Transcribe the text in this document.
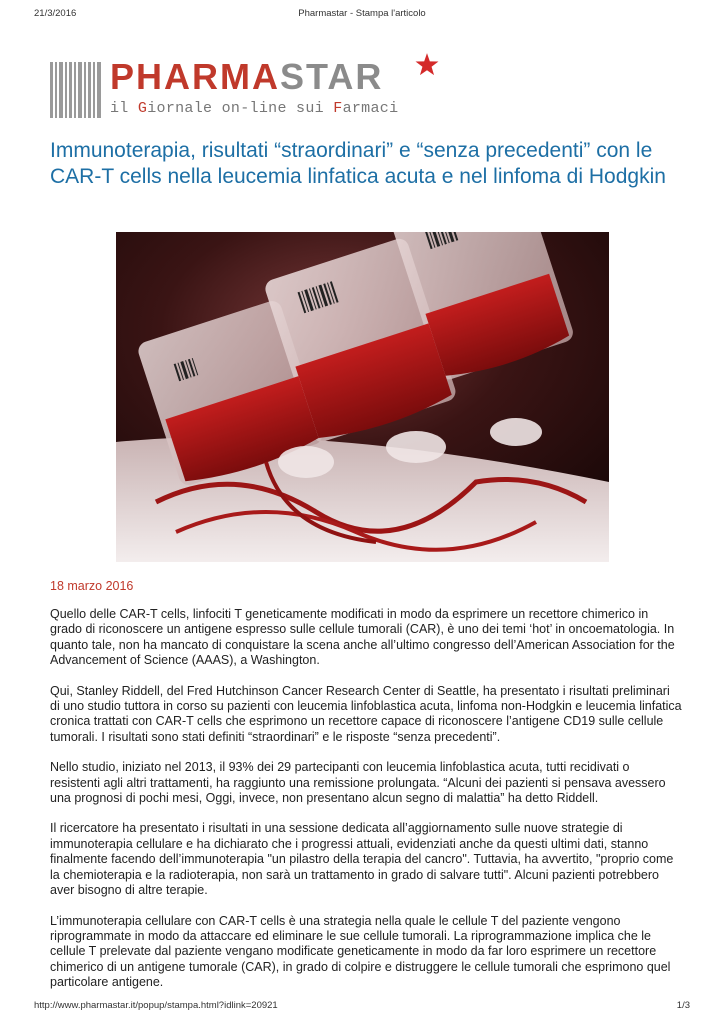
21/3/2016	Pharmastar - Stampa l'articolo
PHARMASTAR
il Giornale on-line sui Farmaci
Immunoterapia, risultati “straordinari” e “senza precedenti” con le CAR-T cells nella leucemia linfatica acuta e nel linfoma di Hodgkin
18 marzo 2016

Quello delle CAR-T cells, linfociti T geneticamente modificati in modo da esprimere un recettore chimerico in grado di riconoscere un antigene espresso sulle cellule tumorali (CAR), è uno dei temi ‘hot’ in oncoematologia. In quanto tale, non ha mancato di conquistare la scena anche all’ultimo congresso dell’American Association for the Advancement of Science (AAAS), a Washington.

Qui, Stanley Riddell, del Fred Hutchinson Cancer Research Center di Seattle, ha presentato i risultati preliminari di uno studio tuttora in corso su pazienti con leucemia linfoblastica acuta, linfoma non-Hodgkin e leucemia linfatica cronica trattati con CAR-T cells che esprimono un recettore capace di riconoscere l’antigene CD19 sulle cellule tumorali. I risultati sono stati definiti “straordinari” e le risposte “senza precedenti”.

Nello studio, iniziato nel 2013, il 93% dei 29 partecipanti con leucemia linfoblastica acuta, tutti recidivati o resistenti agli altri trattamenti, ha raggiunto una remissione prolungata. “Alcuni dei pazienti si pensava avessero una prognosi di pochi mesi, Oggi, invece, non presentano alcun segno di malattia” ha detto Riddell.

Il ricercatore ha presentato i risultati in una sessione dedicata all’aggiornamento sulle nuove strategie di immunoterapia cellulare e ha dichiarato che i progressi attuali, evidenziati anche da questi ultimi dati, stanno finalmente facendo dell’immunoterapia "un pilastro della terapia del cancro". Tuttavia, ha avvertito, "proprio come la chemioterapia e la radioterapia, non sarà un trattamento in grado di salvare tutti". Alcuni pazienti potrebbero aver bisogno di altre terapie.

L’immunoterapia cellulare con CAR-T cells è una strategia nella quale le cellule T del paziente vengono riprogrammate in modo da attaccare ed eliminare le sue cellule tumorali. La riprogrammazione implica che le cellule T prelevate dal paziente vengano modificate geneticamente in modo da far loro esprimere un recettore chimerico di un antigene tumorale (CAR), in grado di colpire e distruggere le cellule tumorali che esprimono quel particolare antigene.

http://www.pharmastar.it/popup/stampa.html?idlink=20921	1/3
